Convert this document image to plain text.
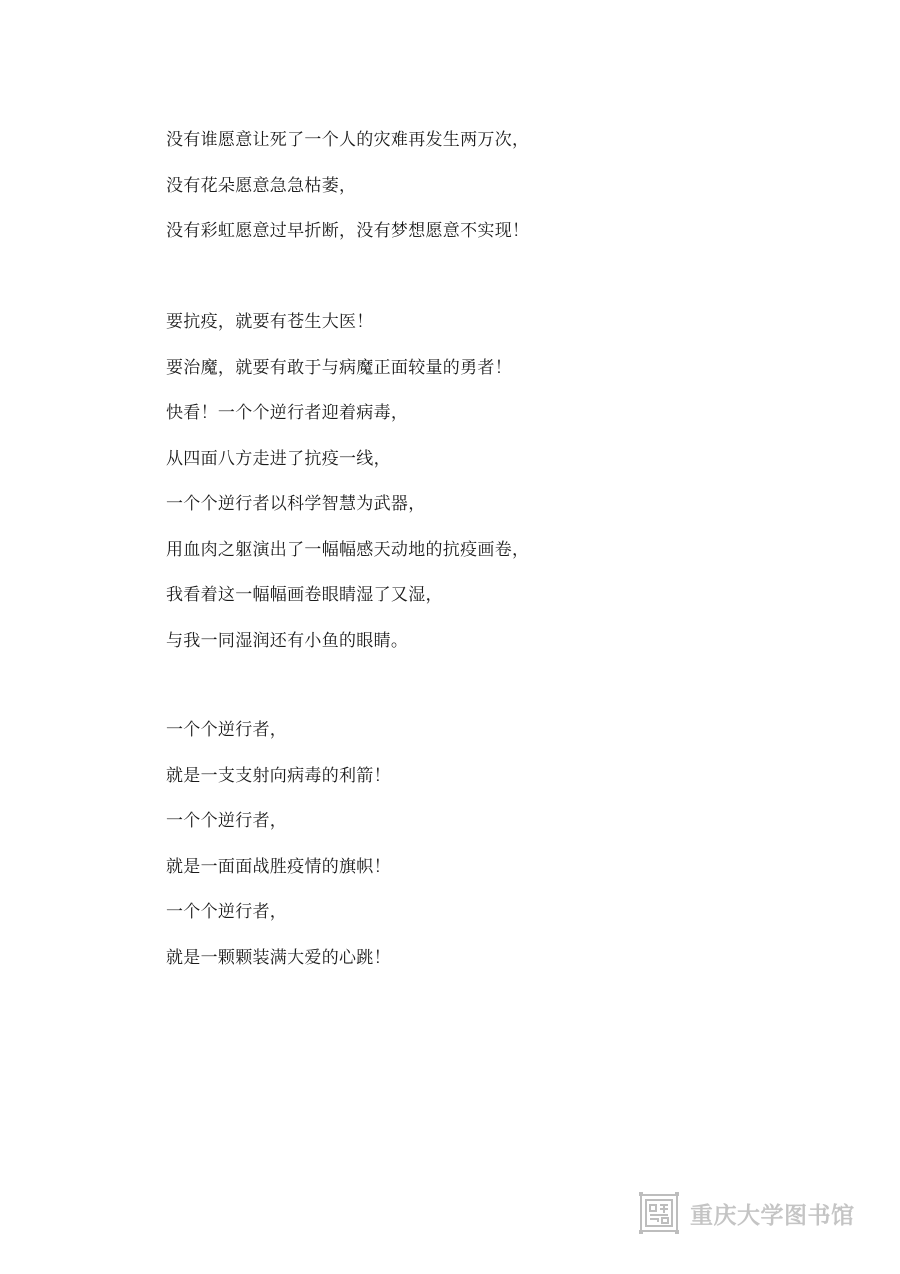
没有谁愿意让死了一个人的灾难再发生两万次，
没有花朵愿意急急枯萎，
没有彩虹愿意过早折断，没有梦想愿意不实现！
要抗疫，就要有苍生大医！
要治魔，就要有敢于与病魔正面较量的勇者！
快看！一个个逆行者迎着病毒，
从四面八方走进了抗疫一线，
一个个逆行者以科学智慧为武器，
用血肉之躯演出了一幅幅感天动地的抗疫画卷，
我看着这一幅幅画卷眼睛湿了又湿，
与我一同湿润还有小鱼的眼睛。
一个个逆行者，
就是一支支射向病毒的利箭！
一个个逆行者，
就是一面面战胜疫情的旗帜！
一个个逆行者，
就是一颗颗装满大爱的心跳！
重庆大学图书馆
